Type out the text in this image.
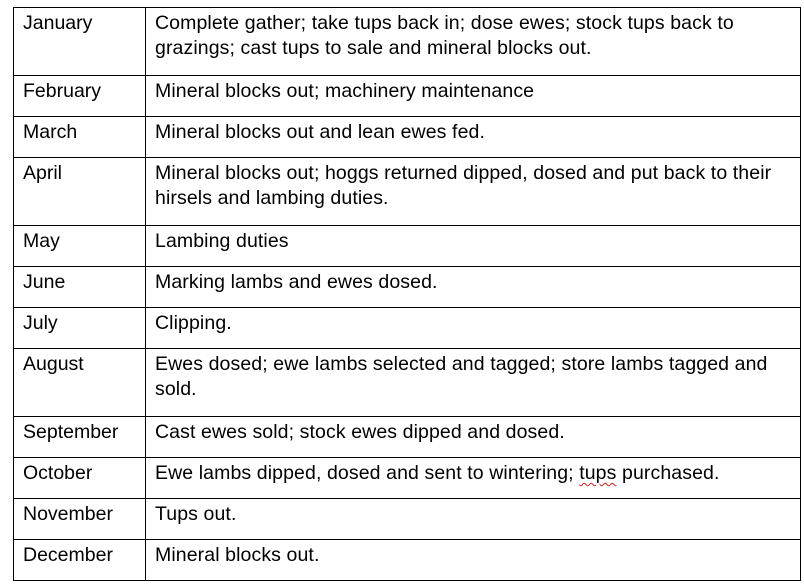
January	Complete gather; take tups back in; dose ewes; stock tups back to grazings; cast tups to sale and mineral blocks out.
February	Mineral blocks out; machinery maintenance
March	Mineral blocks out and lean ewes fed.
April	Mineral blocks out; hoggs returned dipped, dosed and put back to their hirsels and lambing duties.
May	Lambing duties
June	Marking lambs and ewes dosed.
July	Clipping.
August	Ewes dosed; ewe lambs selected and tagged; store lambs tagged and sold.
September	Cast ewes sold; stock ewes dipped and dosed.
October	Ewe lambs dipped, dosed and sent to wintering; tups purchased.
November	Tups out.
December	Mineral blocks out.
